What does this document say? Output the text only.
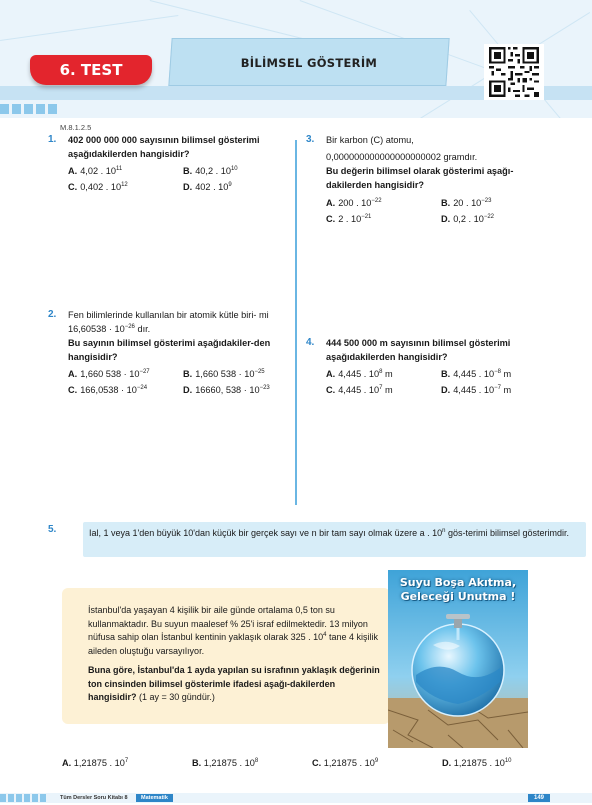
BİLİMSEL GÖSTERİM
6. TEST
M.8.1.2.5
1. 402 000 000 000 sayısının bilimsel gösterimi aşağıdakilerden hangisidir?
A. 4,02 . $10^{11}$	B. 40,2 . $10^{10}$
C. 0,402 . $10^{12}$	D. 402 . $10^9$
2. Fen bilimlerinde kullanılan bir atomik kütle biri- mi $16,60538 \cdot 10^{-26}$ dır.
Bu sayının bilimsel gösterimi aşağıdakiler-den hangisidir?
A. 1,660 $538 \cdot 10^{-27}$	B. 1,660 $538 \cdot 10^{-25}$
C. $166,0538 \cdot 10^{-24}$	D. 16660, $538 \cdot 10^{-23}$
3. Bir karbon (C) atomu,
0,000000000000000000002 gramdır.
Bu değerin bilimsel olarak gösterimi aşağı-dakilerden hangisidir?
A. 200 . $10^{-22}$	B. 20 . $10^{-23}$
C. 2 . $10^{-21}$	D. 0,2 . $10^{-22}$
4. 444 500 000 m sayısının bilimsel gösterimi aşağıdakilerden hangisidir?
A. 4,445 . $10^8$ m	B. 4,445 . $10^{-8}$ m
C. 4,445 . $10^7$ m	D. 4,445 . $10^{-7}$ m
5.	Ial, 1 veya 1'den büyük 10'dan küçük bir gerçek sayı ve n bir tam sayı olmak üzere a . 10$^n$ gös-terimi bilimsel gösterimdir.
İstanbul'da yaşayan 4 kişilik bir aile günde ortalama 0,5 ton su kullanmaktadır. Bu suyun maalesef % 25'i israf edilmektedir. 13 milyon nüfusa sahip olan İstanbul kentinin yaklaşık olarak 325 . $10^4$ tane 4 kişilik aileden oluştuğu varsayılıyor.
Buna göre, İstanbul'da 1 ayda yapılan su israfının yaklaşık değerinin ton cinsinden bilimsel gösterimle ifadesi aşağı-dakilerden hangisidir? (1 ay = 30 gündür.)
Suyu Boşa Akıtma,
Geleceği Unutma !
A. 1,21875 . $10^7$	B. 1,21875 . $10^8$	C. 1,21875 . $10^9$	D. 1,21875 . $10^{10}$
Tüm Dersler Soru Kitabı 8	Matematik	149
